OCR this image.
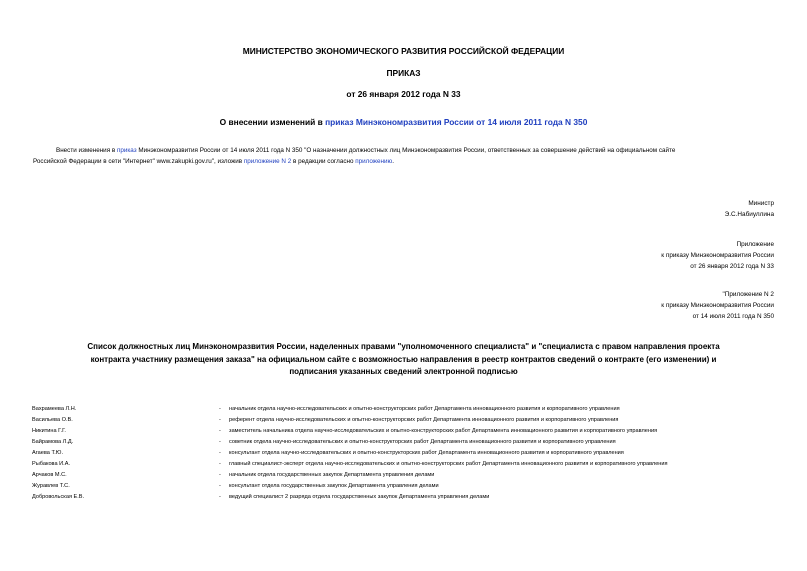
МИНИСТЕРСТВО ЭКОНОМИЧЕСКОГО РАЗВИТИЯ РОССИЙСКОЙ ФЕДЕРАЦИИ
ПРИКАЗ
от 26 января 2012 года N 33
О внесении изменений в приказ Минэкономразвития России от 14 июля 2011 года N 350
Внести изменения в приказ Минэкономразвития России от 14 июля 2011 года N 350 "О назначении должностных лиц Минэкономразвития России, ответственных за совершение действий на официальном сайте
Российской Федерации в сети "Интернет" www.zakupki.gov.ru", изложив приложение N 2 в редакции согласно приложению.
Министр
Э.С.Набиуллина
Приложение
к приказу Минэкономразвития России
от 26 января 2012 года N 33
"Приложение N 2
к приказу Минэкономразвития России
от 14 июля 2011 года N 350
Список должностных лиц Минэкономразвития России, наделенных правами "уполномоченного специалиста" и "специалиста с правом направления проекта
контракта участнику размещения заказа" на официальном сайте с возможностью направления в реестр контрактов сведений о контракте (его изменении) и
подписания указанных сведений электронной подписью
Вахрамеева Л.Н.	- начальник отдела научно-исследовательских и опытно-конструкторских работ Департамента инновационного развития и корпоративного управления
Васильева О.В.	- референт отдела научно-исследовательских и опытно-конструкторских работ Департамента инновационного развития и корпоративного управления
Никитина Г.Г.	- заместитель начальника отдела научно-исследовательских и опытно-конструкторских работ Департамента инновационного развития и корпоративного управления
Байрамова Л.Д.	- советник отдела научно-исследовательских и опытно-конструкторских работ Департамента инновационного развития и корпоративного управления
Агаева Т.Ю.	- консультант отдела научно-исследовательских и опытно-конструкторских работ Департамента инновационного развития и корпоративного управления
Рыбакова И.А.	- главный специалист-эксперт отдела научно-исследовательских и опытно-конструкторских работ Департамента инновационного развития и корпоративного управления
Арчаков М.С.	- начальник отдела государственных закупок Департамента управления делами
Журавлев Т.С.	- консультант отдела государственных закупок Департамента управления делами
Добровольская Е.В.	- ведущий специалист 2 разряда отдела государственных закупок Департамента управления делами
